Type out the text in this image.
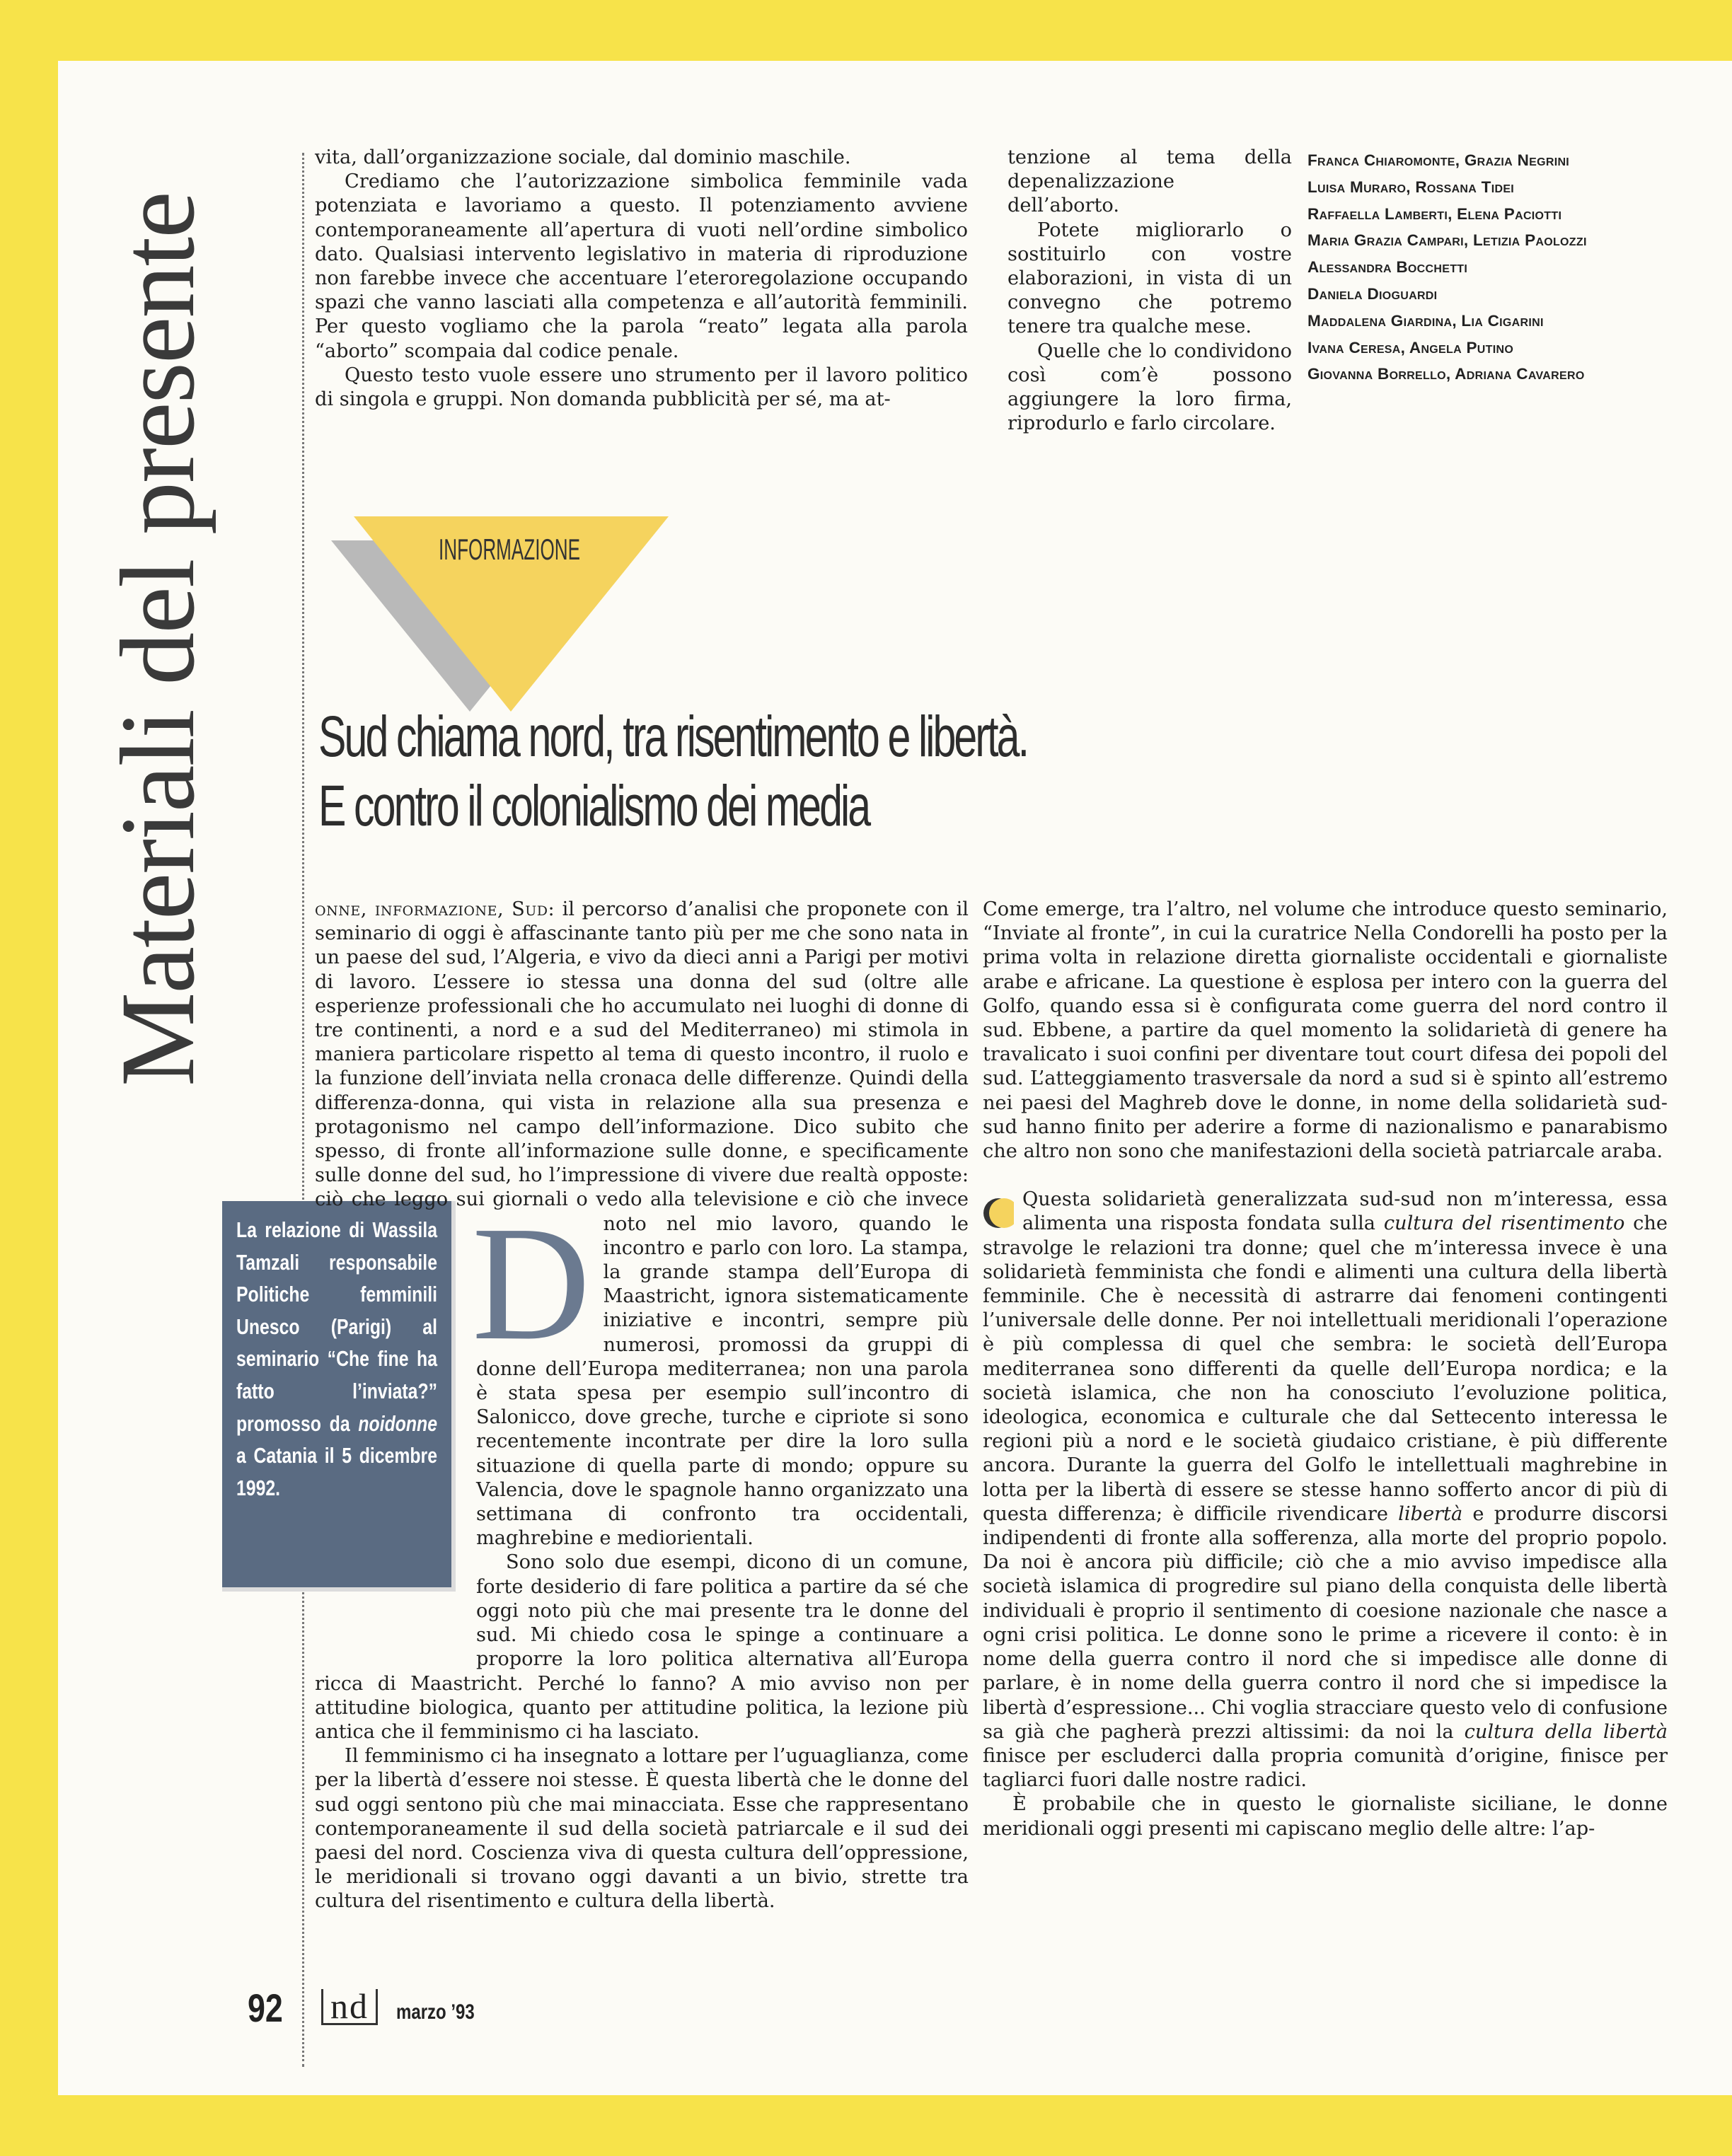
Materiali del presente

vita, dall’organizzazione sociale, dal dominio maschile.

Crediamo che l’autorizzazione simbolica femminile vada potenziata e lavoriamo a questo. Il potenziamento avviene contemporaneamente all’apertura di vuoti nell’ordine simbolico dato. Qualsiasi intervento legislativo in materia di riproduzione non farebbe invece che accentuare l’eteroregolazione occupando spazi che vanno lasciati alla competenza e all’autorità femminili. Per questo vogliamo che la parola “reato” legata alla parola “aborto” scompaia dal codice penale.

Questo testo vuole essere uno strumento per il lavoro politico di singola e gruppi. Non domanda pubblicità per sé, ma at-

tenzione al tema della depenalizzazione dell’aborto.

Potete migliorarlo o sostituirlo con vostre elaborazioni, in vista di un convegno che potremo tenere tra qualche mese.

Quelle che lo condividono così com’è possono aggiungere la loro firma, riprodurlo e farlo circolare.

Franca Chiaromonte, Grazia Negrini
Luisa Muraro, Rossana Tidei
Raffaella Lamberti, Elena Paciotti
Maria Grazia Campari, Letizia Paolozzi
Alessandra Bocchetti
Daniela Dioguardi
Maddalena Giardina, Lia Cigarini
Ivana Ceresa, Angela Putino
Giovanna Borrello, Adriana Cavarero
INFORMAZIONE
Sud chiama nord, tra risentimento e libertà.
E contro il colonialismo dei media
La relazione di Wassila Tamzali responsabile Politiche femminili Unesco (Parigi) al seminario “Che fine ha fatto l’inviata?” promosso da noidonne a Catania il 5 dicembre 1992.

D
onne, informazione, Sud: il percorso d’analisi che proponete con il seminario di oggi è affascinante tanto più per me che sono nata in un paese del sud, l’Algeria, e vivo da dieci anni a Parigi per motivi di lavoro. L’essere io stessa una donna del sud (oltre alle esperienze professionali che ho accumulato nei luoghi di donne di tre continenti, a nord e a sud del Mediterraneo) mi stimola in maniera particolare rispetto al tema di questo incontro, il ruolo e la funzione dell’inviata nella cronaca delle differenze. Quindi della differenza-donna, qui vista in relazione alla sua presenza e protagonismo nel campo dell’informazione. Dico subito che spesso, di fronte all’informazione sulle donne, e specificamente sulle donne del sud, ho l’impressione di vivere due realtà opposte: ciò che leggo sui giornali o vedo alla televisione e ciò che invece noto nel mio lavoro, quando le incontro e parlo con loro. La stampa, la grande stampa dell’Europa di Maastricht, ignora sistematicamente iniziative e incontri, sempre più numerosi, promossi da gruppi di donne dell’Europa mediterranea; non una parola è stata spesa per esempio sull’incontro di Salonicco, dove greche, turche e cipriote si sono recentemente incontrate per dire la loro sulla situazione di quella parte di mondo; oppure su Valencia, dove le spagnole hanno organizzato una settimana di confronto tra occidentali, maghrebine e mediorientali.

Sono solo due esempi, dicono di un comune, forte desiderio di fare politica a partire da sé che oggi noto più che mai presente tra le donne del sud. Mi chiedo cosa le spinge a continuare a proporre la loro politica alternativa all’Europa ricca di Maastricht. Perché lo fanno? A mio avviso non per attitudine biologica, quanto per attitudine politica, la lezione più antica che il femminismo ci ha lasciato.

Il femminismo ci ha insegnato a lottare per l’uguaglianza, come per la libertà d’essere noi stesse. È questa libertà che le donne del sud oggi sentono più che mai minacciata. Esse che rappresentano contemporaneamente il sud della società patriarcale e il sud dei paesi del nord. Coscienza viva di questa cultura dell’oppressione, le meridionali si trovano oggi davanti a un bivio, strette tra cultura del risentimento e cultura della libertà.

Come emerge, tra l’altro, nel volume che introduce questo seminario, “Inviate al fronte”, in cui la curatrice Nella Condorelli ha posto per la prima volta in relazione diretta giornaliste occidentali e giornaliste arabe e africane. La questione è esplosa per intero con la guerra del Golfo, quando essa si è configurata come guerra del nord contro il sud. Ebbene, a partire da quel momento la solidarietà di genere ha travalicato i suoi confini per diventare tout court difesa dei popoli del sud. L’atteggiamento trasversale da nord a sud si è spinto all’estremo nei paesi del Maghreb dove le donne, in nome della solidarietà sud-sud hanno finito per aderire a forme di nazionalismo e panarabismo che altro non sono che manifestazioni della società patriarcale araba.

Questa solidarietà generalizzata sud-sud non m’interessa, essa alimenta una risposta fondata sulla cultura del risentimento che stravolge le relazioni tra donne; quel che m’interessa invece è una solidarietà femminista che fondi e alimenti una cultura della libertà femminile. Che è necessità di astrarre dai fenomeni contingenti l’universale delle donne. Per noi intellettuali meridionali l’operazione è più complessa di quel che sembra: le società dell’Europa mediterranea sono differenti da quelle dell’Europa nordica; e la società islamica, che non ha conosciuto l’evoluzione politica, ideologica, economica e culturale che dal Settecento interessa le regioni più a nord e le società giudaico cristiane, è più differente ancora. Durante la guerra del Golfo le intellettuali maghrebine in lotta per la libertà di essere se stesse hanno sofferto ancor di più di questa differenza; è difficile rivendicare libertà e produrre discorsi indipendenti di fronte alla sofferenza, alla morte del proprio popolo. Da noi è ancora più difficile; ciò che a mio avviso impedisce alla società islamica di progredire sul piano della conquista delle libertà individuali è proprio il sentimento di coesione nazionale che nasce a ogni crisi politica. Le donne sono le prime a ricevere il conto: è in nome della guerra contro il nord che si impedisce alle donne di parlare, è in nome della guerra contro il nord che si impedisce la libertà d’espressione... Chi voglia stracciare questo velo di confusione sa già che pagherà prezzi altissimi: da noi la cultura della libertà finisce per escluderci dalla propria comunità d’origine, finisce per tagliarci fuori dalle nostre radici.

È probabile che in questo le giornaliste siciliane, le donne meridionali oggi presenti mi capiscano meglio delle altre: l’ap-

92 nd	marzo ’93
